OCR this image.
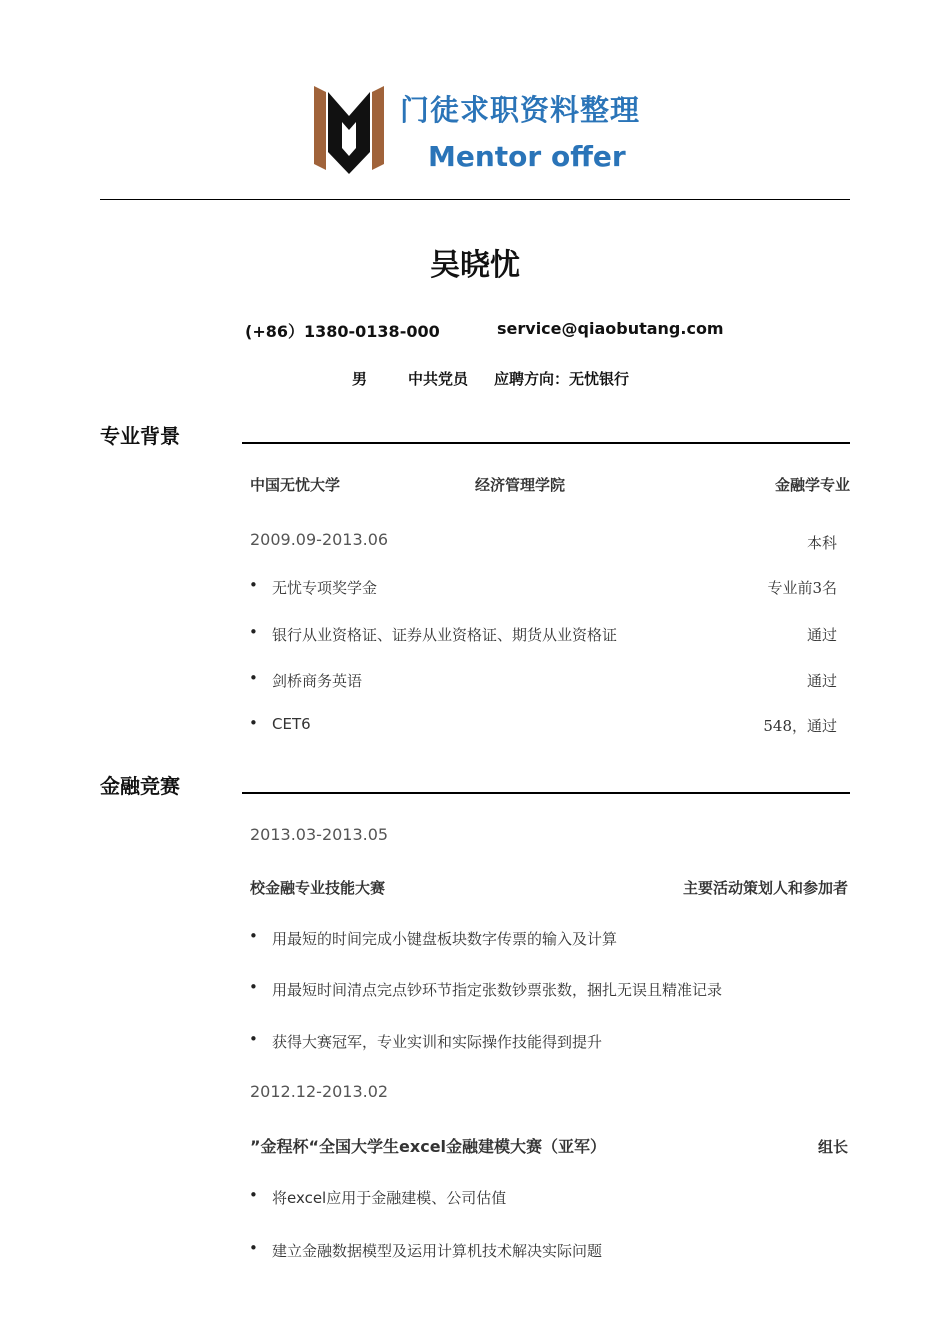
门徒求职资料整理
Mentor offer
吴晓忧
(+86）1380-0138-000	service@qiaobutang.com
男	中共党员 应聘方向：无忧银行
专业背景
中国无忧大学	经济管理学院	金融学专业
2009.09-2013.06	本科
• 无忧专项奖学金	专业前3名
• 银行从业资格证、证券从业资格证、期货从业资格证	通过
• 剑桥商务英语	通过
• CET6	548，通过
金融竞赛
2013.03-2013.05
校金融专业技能大赛	主要活动策划人和参加者
• 用最短的时间完成小键盘板块数字传票的输入及计算
• 用最短时间清点完点钞环节指定张数钞票张数，捆扎无误且精准记录
• 获得大赛冠军，专业实训和实际操作技能得到提升
2012.12-2013.02
”金程杯“全国大学生excel金融建模大赛（亚军）	组长
• 将excel应用于金融建模、公司估值
• 建立金融数据模型及运用计算机技术解决实际问题
